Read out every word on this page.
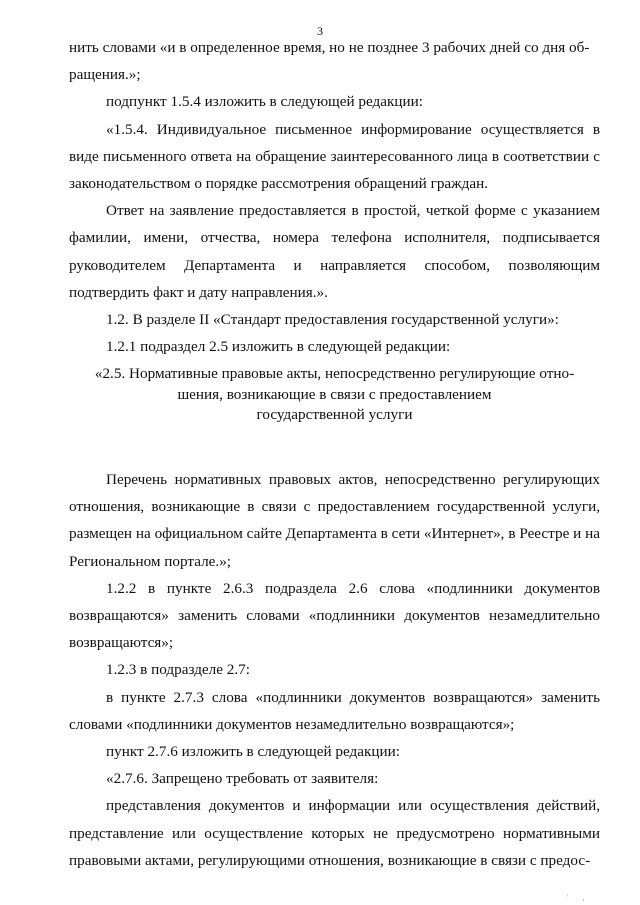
3

нить словами «и в определенное время, но не позднее 3 рабочих дней со дня об-

ращения.»;

подпункт 1.5.4 изложить в следующей редакции:

«1.5.4. Индивидуальное письменное информирование осуществляется в виде письменного ответа на обращение заинтересованного лица в соответствии с законодательством о порядке рассмотрения обращений граждан.

Ответ на заявление предоставляется в простой, четкой форме с указанием фамилии, имени, отчества, номера телефона исполнителя, подписывается руководителем Департамента и направляется способом, позволяющим подтвердить факт и дату направления.».

1.2. В разделе II «Стандарт предоставления государственной услуги»:

1.2.1 подраздел 2.5 изложить в следующей редакции:

«2.5. Нормативные правовые акты, непосредственно регулирующие отно-
шения, возникающие в связи с предоставлением
государственной услуги

Перечень нормативных правовых актов, непосредственно регулирующих отношения, возникающие в связи с предоставлением государственной услуги, размещен на официальном сайте Департамента в сети «Интернет», в Реестре и на Региональном портале.»;

1.2.2 в пункте 2.6.3 подраздела 2.6 слова «подлинники документов возвращаются» заменить словами «подлинники документов незамедлительно возвращаются»;

1.2.3 в подразделе 2.7:

в пункте 2.7.3 слова «подлинники документов возвращаются» заменить словами «подлинники документов незамедлительно возвращаются»;

пункт 2.7.6 изложить в следующей редакции:

«2.7.6. Запрещено требовать от заявителя:

представления документов и информации или осуществления действий, представление или осуществление которых не предусмотрено нормативными правовыми актами, регулирующими отношения, возникающие в связи с предос-

' ,
